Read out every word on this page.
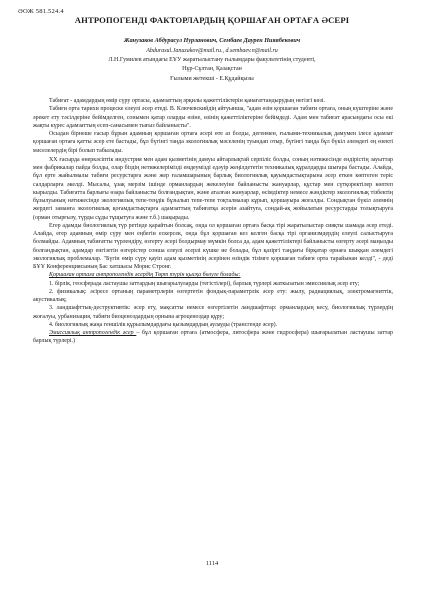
ӘОЖ 581.524.4
АНТРОПОГЕНДІ ФАКТОРЛАРДЫҢ ҚОРШАҒАН ОРТАҒА ӘСЕРІ
Жанузаков Абдурасул Нурланович, Сембаев Даурен Нияябекович
Abdurasul.Januzakov@mail.ru., d.sembaev.n@mail.ru
Л.Н.Гумилев атындағы ЕҰУ жаратылыстану ғылымдары факультетінің студенті,
Нұр-Сұлтан, Қазақстан
Ғылыми жетекші - Е.Құдайқызы

Табиғат - адамдардың өмір сүру ортасы, адамзаттың әрқилы қажеттіліктерін қанағаттандырудың негізгі көзі.

Табиғи орта тарихи процеске елеулі әсер етеді. В. Ключевскийдің айтуынша, "адам өзін қоршаған табиғи ортаға, оның күштеріне және әрекет ету тәсілдеріне бейімделген, сонымен қатар оларды өзіне, өзінің қажеттіліктеріне бейімдеді. Адам мен табиғат арасындағы осы екі жақты күрес адамзаттың есеп-санасымен тығыз байланысты".

Осыдан бірнеше ғасыр бұрын адамның қоршаған ортаға әсері өте аз болды, дегенмен, ғылыми-техникалық дамумен ілесе адамзат қоршаған ортаға қатты әсер ете бастады, бұл бүгінгі таңда экологиялық мәселенің туындап отыр, бүгінгі таңда бұл бүкіл әлемдегі ең өзекті мәселелердің бірі болып табылады.

XX ғасырда өнеркәсіптік индустрия мен адам қызметінің дамуы айтарлықтай серпіліс болды, соның нәтижесінде ендірістің зауыттар мен фабрикалар пайда болды, олар біздің нетижелерімізді емдеумізді едәуір жеңілдететін техникалық құралдарды шығара бастады. Алайда, бұл ерте жайылмалы табиғи ресурстарға және жер ғаламшарының барлық биологиялық қауымдастықтарына әсер еткен көптеген теріс салдарларға әкелді. Мысалы, ұзақ мерзім ішінде орманлардың жекелеуіне байланысты жануарлар, құстар мен сүтқоректілер көптеп кырылды. Табиғатта барлығы өзара байланысты болғандықтан, және аталған жануарлар, өсімдіктер немесе жәндіктер экологиялық тізбектің бұзылуының нәтижесінде экологиялық тепе-теңдік бұзылып тепе-тепе тоқталмалар кұрып, қоршауыра жоғалды. Сондықтан бүкіл әлемнің жердегі заманға экологиялық қоғамдастықтарға адамзаттың табиғатқа әсерін азайтуға, сондай-ақ жойылатын ресурстарды толықтыруға (орман отырғызу, түрды сұды тұщытуға және т.б.) шақырады.

Егер адамды биологиялық түр ретінде қарайтын болсақ, онда ол қоршаған ортаға басқа тірі жаратылыстар сияқты шамада әсер етеді. Алайда, егер адамның өмір сүру мен еңбегін ескерсек, онда бұл қоршаған кез келген басқа тірі организмдердің елеулі салыстыруға болмайды. Адамның табиғатты түрлендіру, өзгерту әсері болдырмау мүмкін болса да, адам қажеттіліктері байланысты өзгерту әсері маңызды болғандықтан, адамдар енгізетін өзгерістер сонша елеулі әсерлі күшке ие болады, бұл қазіргі таңдағы бірқатар орнаға шыққан әлемдегі экологиялық проблемалар. "Бүгін өмір сүру қауіп адам қызметінің әсерінен өзіндік тізімге қоршаған табиғи орта тарайынан келді", - деді БҰҰ Конференциясының Бас хатшысы Морис Стронг.

Қоршаған ортаға антропогендік әсердің Төрт түрін қысқа бөлуге болады:

1. бірлік, геосферада ластаушы заттардың шығарылуларды (тегістілері), барлық түрлері жаткызатын эмиссиялық әсер ету;

2. физикалық: әсіресе ортаның параметрлерін өзгертетін фондық-параметрлік әсер ету: жылу, радиациялық, электромагниттік, акустикалық;

3. ландшафттық-деструктивтік: әсер ету, мақсатты немесе өзгертілетін ландшафттар: орманлардың кесу, биологиялық түрлердің жоғалуы, урбанизация, табиғи биоценоздардың орнына агроценоздар құру;

4. биологиялық жаңа геншілік құрылымдардағы қызымдардың аулауды (трансгенде әсер).

Эмиссиялық антропогендік әсер – бұл қоршаған ортаға (атмосфера, литосфера және гидросфера) шығарылатын ластаушы заттар барлық түрлері.)

1114
